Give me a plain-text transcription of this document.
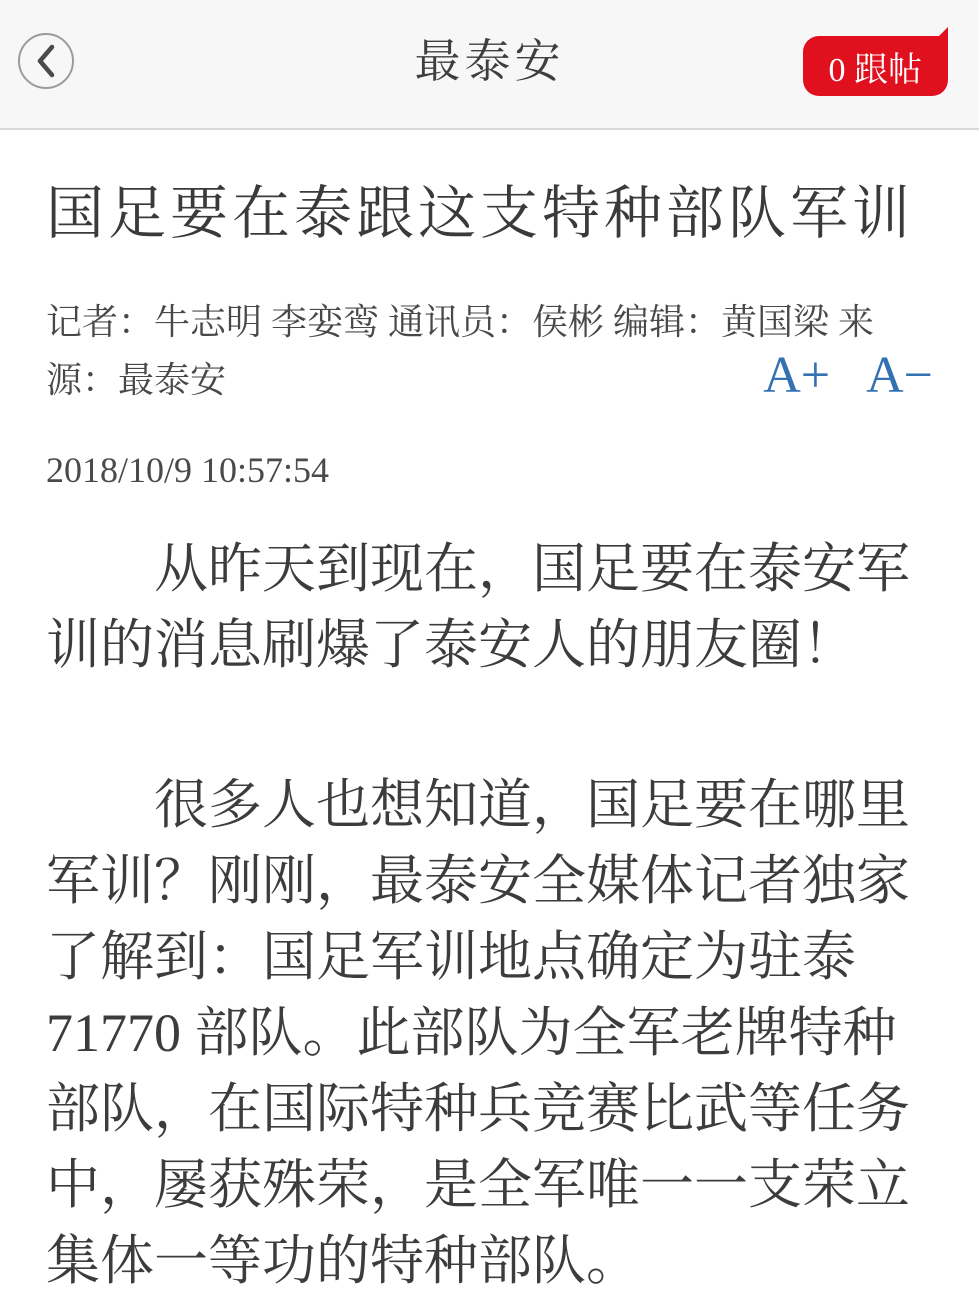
最泰安	0 跟帖
国足要在泰跟这支特种部队军训
记者：牛志明 李娈鸾 通讯员：侯彬 编辑：黄国梁 来源：最泰安	A+ A−
2018/10/9 10:57:54

从昨天到现在，国足要在泰安军训的消息刷爆了泰安人的朋友圈！

很多人也想知道，国足要在哪里军训？刚刚，最泰安全媒体记者独家了解到：国足军训地点确定为驻泰 71770 部队。此部队为全军老牌特种部队，在国际特种兵竞赛比武等任务中，屡获殊荣，是全军唯一一支荣立集体一等功的特种部队。
